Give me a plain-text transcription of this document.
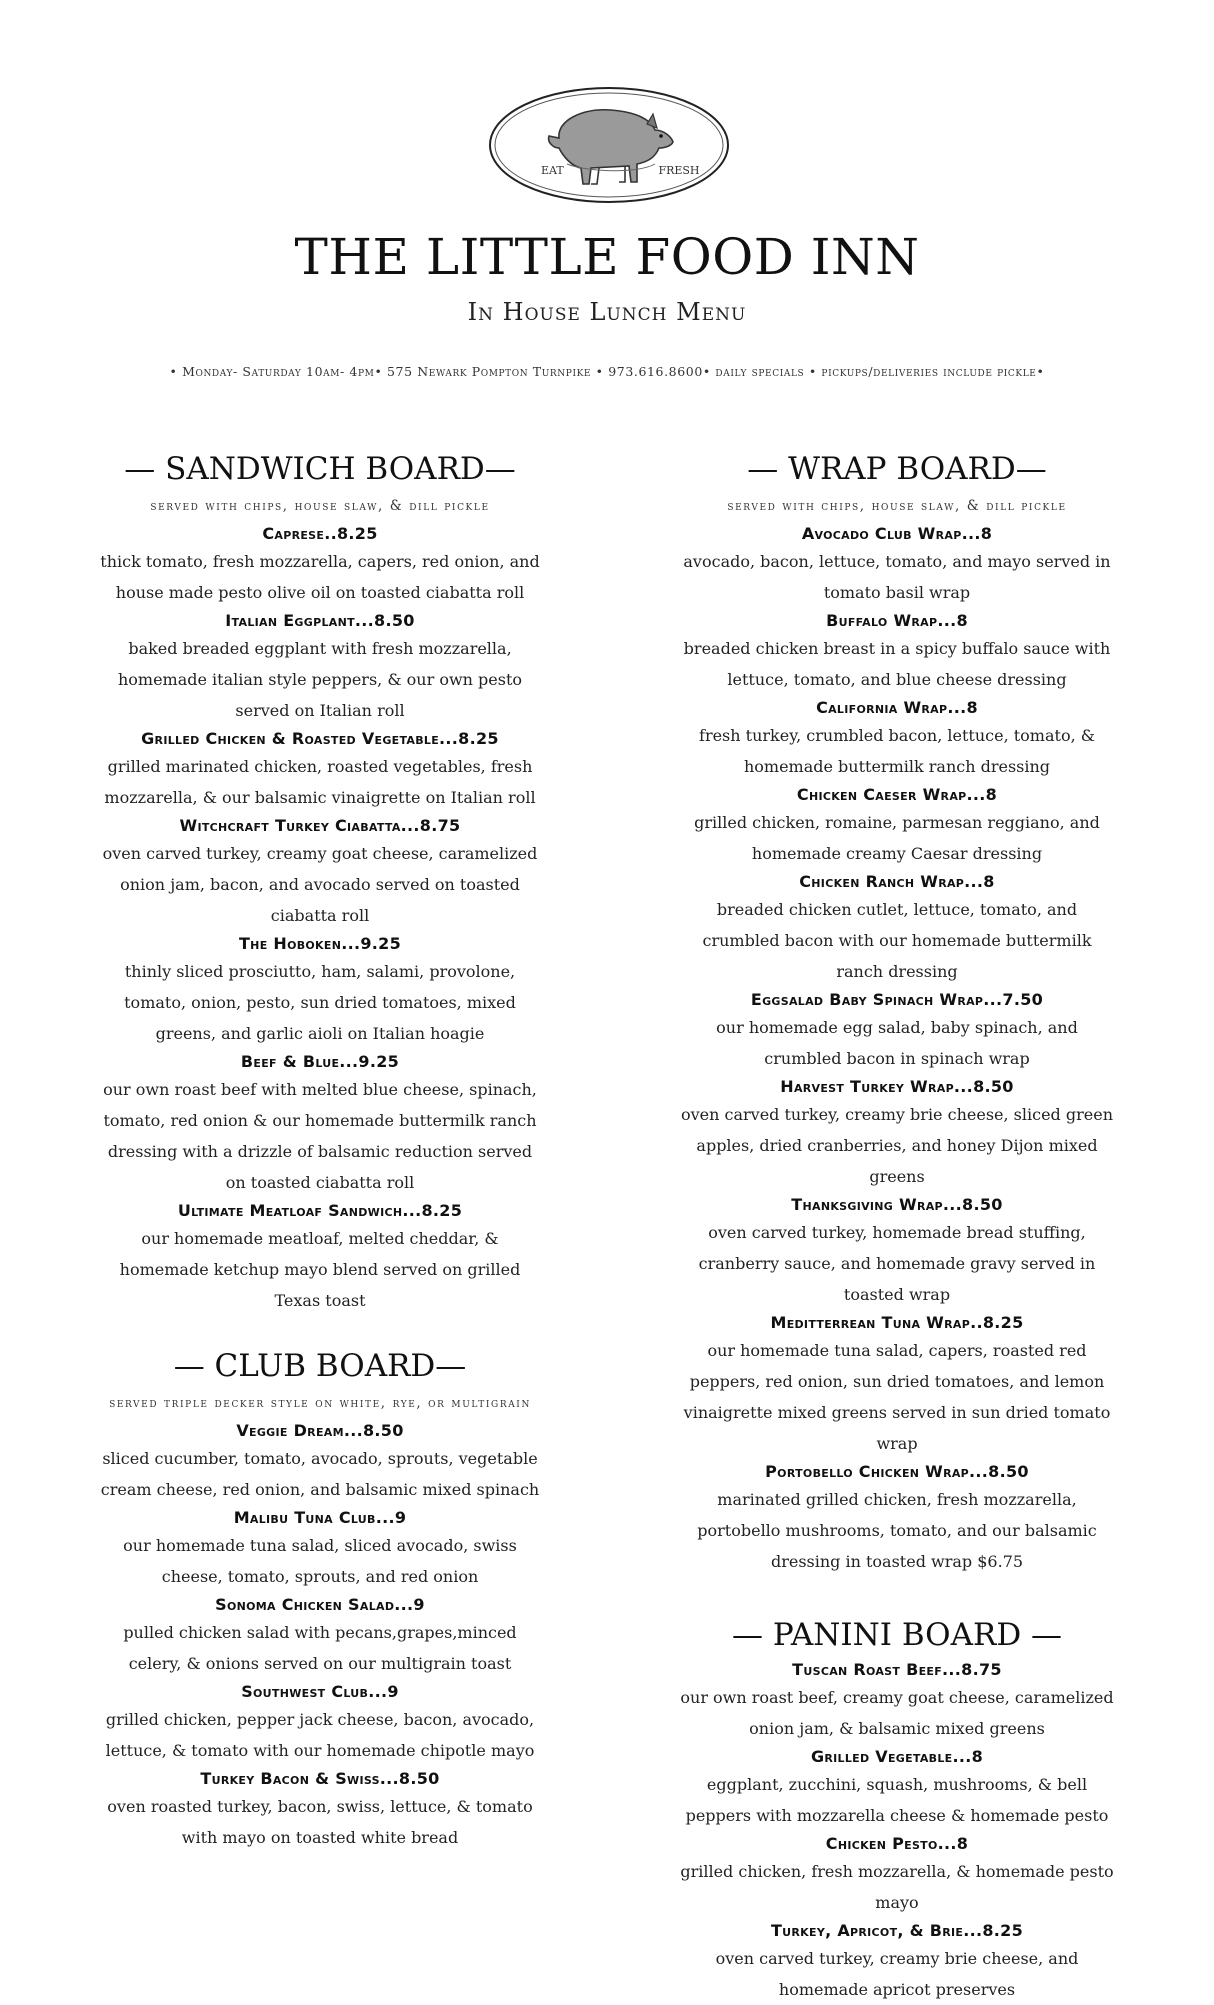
EAT	FRESH
THE LITTLE FOOD INN
In House Lunch Menu
• Monday- Saturday 10am- 4pm• 575 Newark Pompton Turnpike • 973.616.8600• daily specials • pickups/deliveries include pickle•
— SANDWICH BOARD—
served with chips, house slaw, & dill pickle
Caprese..8.25
thick tomato, fresh mozzarella, capers, red onion, and house made pesto olive oil on toasted ciabatta roll
Italian Eggplant...8.50
baked breaded eggplant with fresh mozzarella, homemade italian style peppers, & our own pesto served on Italian roll
Grilled Chicken & Roasted Vegetable...8.25
grilled marinated chicken, roasted vegetables, fresh mozzarella, & our balsamic vinaigrette on Italian roll
Witchcraft Turkey Ciabatta...8.75
oven carved turkey, creamy goat cheese, caramelized onion jam, bacon, and avocado served on toasted ciabatta roll
The Hoboken...9.25
thinly sliced prosciutto, ham, salami, provolone, tomato, onion, pesto, sun dried tomatoes, mixed greens, and garlic aioli on Italian hoagie
Beef & Blue...9.25
our own roast beef with melted blue cheese, spinach, tomato, red onion & our homemade buttermilk ranch dressing with a drizzle of balsamic reduction served on toasted ciabatta roll
Ultimate Meatloaf Sandwich...8.25
our homemade meatloaf, melted cheddar, & homemade ketchup mayo blend served on grilled Texas toast
— CLUB BOARD—
served triple decker style on white, rye, or multigrain
Veggie Dream...8.50
sliced cucumber, tomato, avocado, sprouts, vegetable cream cheese, red onion, and balsamic mixed spinach
Malibu Tuna Club...9
our homemade tuna salad, sliced avocado, swiss cheese, tomato, sprouts, and red onion
Sonoma Chicken Salad...9
pulled chicken salad with pecans,grapes,minced celery, & onions served on our multigrain toast
Southwest Club...9
grilled chicken, pepper jack cheese, bacon, avocado, lettuce, & tomato with our homemade chipotle mayo
Turkey Bacon & Swiss...8.50
oven roasted turkey, bacon, swiss, lettuce, & tomato with mayo on toasted white bread
— WRAP BOARD—
served with chips, house slaw, & dill pickle
Avocado Club Wrap...8
avocado, bacon, lettuce, tomato, and mayo served in tomato basil wrap
Buffalo Wrap...8
breaded chicken breast in a spicy buffalo sauce with lettuce, tomato, and blue cheese dressing
California Wrap...8
fresh turkey, crumbled bacon, lettuce, tomato, & homemade buttermilk ranch dressing
Chicken Caeser Wrap...8
grilled chicken, romaine, parmesan reggiano, and homemade creamy Caesar dressing
Chicken Ranch Wrap...8
breaded chicken cutlet, lettuce, tomato, and crumbled bacon with our homemade buttermilk ranch dressing
Eggsalad Baby Spinach Wrap...7.50
our homemade egg salad, baby spinach, and crumbled bacon in spinach wrap
Harvest Turkey Wrap...8.50
oven carved turkey, creamy brie cheese, sliced green apples, dried cranberries, and honey Dijon mixed greens
Thanksgiving Wrap...8.50
oven carved turkey, homemade bread stuffing, cranberry sauce, and homemade gravy served in toasted wrap
Meditterrean Tuna Wrap..8.25
our homemade tuna salad, capers, roasted red peppers, red onion, sun dried tomatoes, and lemon vinaigrette mixed greens served in sun dried tomato wrap
Portobello Chicken Wrap...8.50
marinated grilled chicken, fresh mozzarella, portobello mushrooms, tomato, and our balsamic dressing in toasted wrap $6.75
— PANINI BOARD —
Tuscan Roast Beef...8.75
our own roast beef, creamy goat cheese, caramelized onion jam, & balsamic mixed greens
Grilled Vegetable...8
eggplant, zucchini, squash, mushrooms, & bell peppers with mozzarella cheese & homemade pesto
Chicken Pesto...8
grilled chicken, fresh mozzarella, & homemade pesto mayo
Turkey, Apricot, & Brie...8.25
oven carved turkey, creamy brie cheese, and homemade apricot preserves
